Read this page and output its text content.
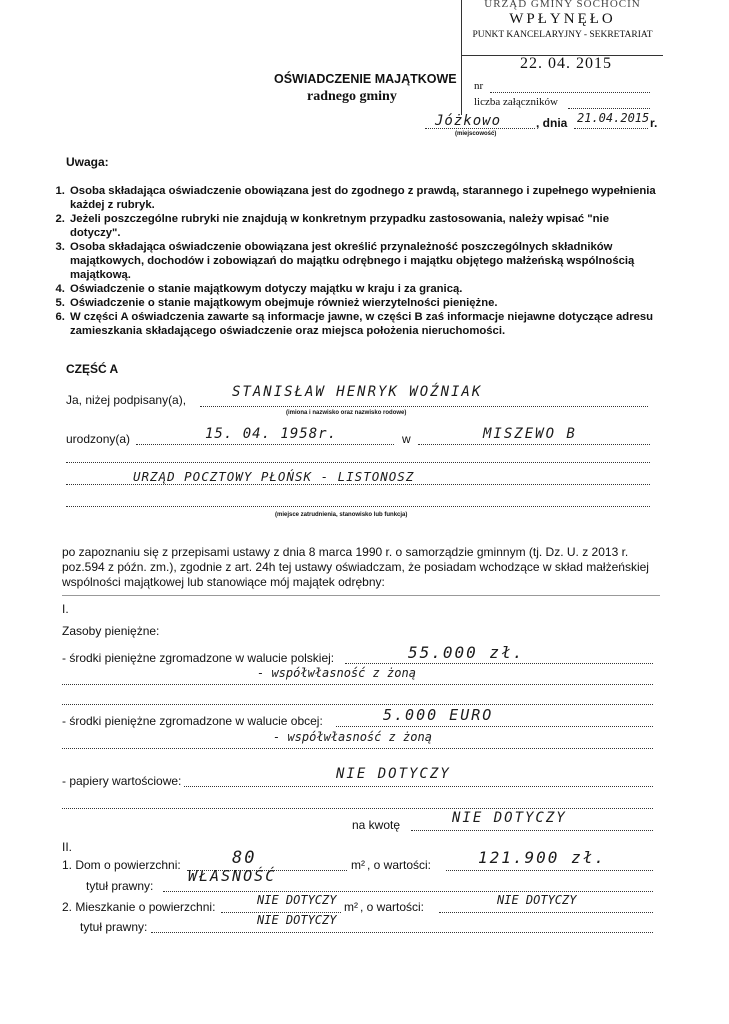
URZĄD GMINY SOCHOCIN
WPŁYNĘŁO
PUNKT KANCELARYJNY - SEKRETARIAT
22. 04. 2015
nr
liczba załączników
OŚWIADCZENIE MAJĄTKOWE
radnego gminy
Jóżkowo	, dnia 21.04.2015 r.
(miejscowość)
Uwaga:
1. Osoba składająca oświadczenie obowiązana jest do zgodnego z prawdą, starannego i zupełnego wypełnienia każdej z rubryk.
2. Jeżeli poszczególne rubryki nie znajdują w konkretnym przypadku zastosowania, należy wpisać "nie dotyczy".
3. Osoba składająca oświadczenie obowiązana jest określić przynależność poszczególnych składników majątkowych, dochodów i zobowiązań do majątku odrębnego i majątku objętego małżeńską wspólnością majątkową.
4. Oświadczenie o stanie majątkowym dotyczy majątku w kraju i za granicą.
5. Oświadczenie o stanie majątkowym obejmuje również wierzytelności pieniężne.
6. W części A oświadczenia zawarte są informacje jawne, w części B zaś informacje niejawne dotyczące adresu zamieszkania składającego oświadczenie oraz miejsca położenia nieruchomości.
CZĘŚĆ A
Ja, niżej podpisany(a),	STANISŁAW HENRYK WOŹNIAK
(imiona i nazwisko oraz nazwisko rodowe)
urodzony(a)	15. 04. 1958r.	w	MISZEWO B
URZĄD POCZTOWY PŁOŃSK - LISTONOSZ
(miejsce zatrudnienia, stanowisko lub funkcja)
po zapoznaniu się z przepisami ustawy z dnia 8 marca 1990 r. o samorządzie gminnym (tj. Dz. U. z 2013 r. poz.594 z późn. zm.), zgodnie z art. 24h tej ustawy oświadczam, że posiadam wchodzące w skład małżeńskiej wspólności majątkowej lub stanowiące mój majątek odrębny:
I.
Zasoby pieniężne:
- środki pieniężne zgromadzone w walucie polskiej:	55.000 zł.
- współwłasność z żoną
- środki pieniężne zgromadzone w walucie obcej:	5.000 EURO
- współwłasność z żoną
- papiery wartościowe:	NIE DOTYCZY
na kwotę	NIE DOTYCZY
II.
1. Dom o powierzchni:	80	m² , o wartości:	121.900 zł.
tytuł prawny:
WŁASNOŚĆ
2. Mieszkanie o powierzchni:	NIE DOTYCZY m² , o wartości:	NIE DOTYCZY
tytuł prawny:	NIE DOTYCZY
